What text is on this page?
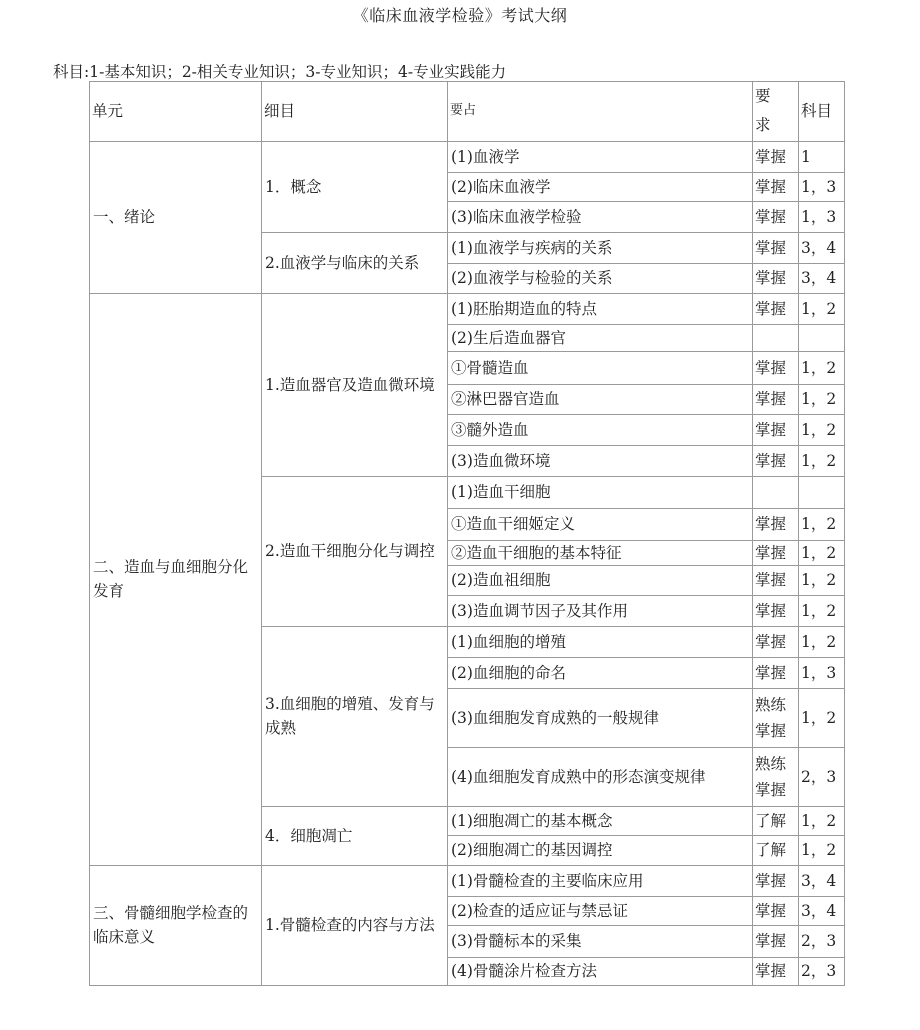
《临床血液学检验》考试大纲
科目:1-基本知识；2-相关专业知识；3-专业知识；4-专业实践能力
单元	细目	要占	要求	科目
一、绪论	1．概念	(1)血液学	掌握	1
		(2)临床血液学	掌握	1，3
		(3)临床血液学检验	掌握	1，3
	2.血液学与临床的关系	(1)血液学与疾病的关系	掌握	3，4
		(2)血液学与检验的关系	掌握	3，4
二、造血与血细胞分化发育	1.造血器官及造血微环境	(1)胚胎期造血的特点	掌握	1，2
		(2)生后造血器官		
		①骨髓造血	掌握	1，2
		②淋巴器官造血	掌握	1，2
		③髓外造血	掌握	1，2
		(3)造血微环境	掌握	1，2
	2.造血干细胞分化与调控	(1)造血干细胞		
		①造血干细姬定义	掌握	1，2
		②造血干细胞的基本特征	掌握	1，2
		(2)造血祖细胞	掌握	1，2
		(3)造血调节因子及其作用	掌握	1，2
	3.血细胞的增殖、发育与成熟	(1)血细胞的增殖	掌握	1，2
		(2)血细胞的命名	掌握	1，3
		(3)血细胞发育成熟的一般规律	熟练掌握	1，2
		(4)血细胞发育成熟中的形态演变规律	熟练掌握	2，3
	4．细胞凋亡	(1)细胞凋亡的基本概念	了解	1，2
		(2)细胞凋亡的基因调控	了解	1，2
三、骨髓细胞学检查的临床意义	1.骨髓检查的内容与方法	(1)骨髓检查的主要临床应用	掌握	3，4
		(2)检查的适应证与禁忌证	掌握	3，4
		(3)骨髓标本的采集	掌握	2，3
		(4)骨髓涂片检查方法	掌握	2，3
